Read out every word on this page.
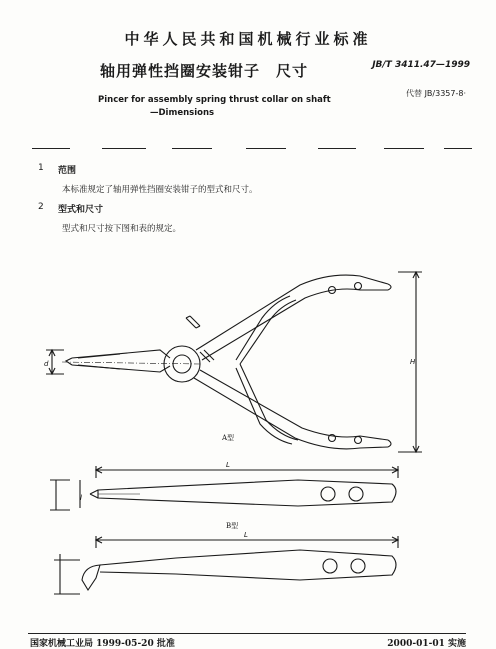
中华人民共和国机械行业标准
轴用弹性挡圈安装钳子　尺寸	JB/T 3411.47—1999
代替 JB/3357-8·
Pincer for assembly spring thrust collar on shaft
—Dimensions
1 范围
本标准规定了轴用弹性挡圈安装钳子的型式和尺寸。
2 型式和尺寸
型式和尺寸按下图和表的规定。
A型
B型
H
d
L
L
l
国家机械工业局 1999-05-20 批准	2000-01-01 实施
